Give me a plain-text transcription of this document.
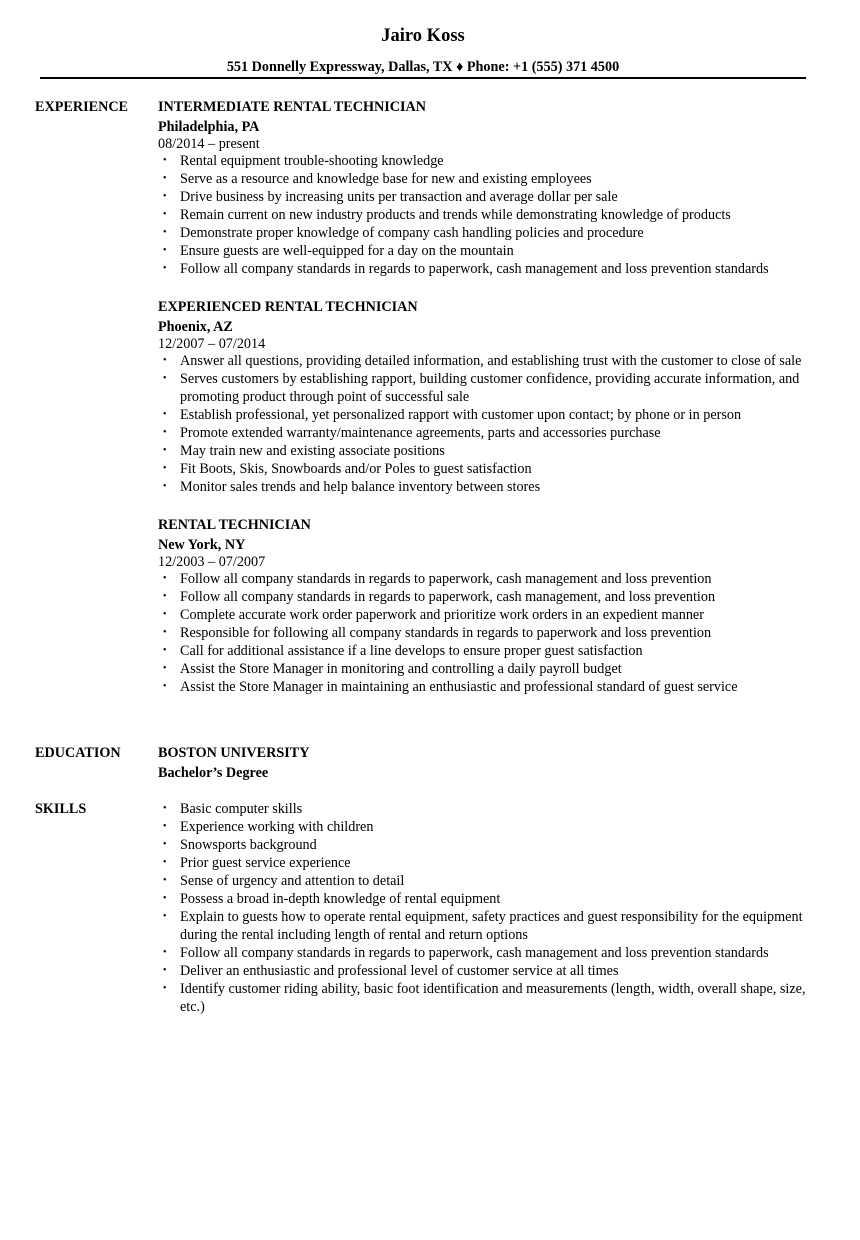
Jairo Koss
551 Donnelly Expressway, Dallas, TX ♦ Phone: +1 (555) 371 4500
EXPERIENCE	INTERMEDIATE RENTAL TECHNICIAN
Philadelphia, PA
08/2014 – present
• Rental equipment trouble-shooting knowledge
• Serve as a resource and knowledge base for new and existing employees
• Drive business by increasing units per transaction and average dollar per sale
• Remain current on new industry products and trends while demonstrating knowledge of products
• Demonstrate proper knowledge of company cash handling policies and procedure
• Ensure guests are well-equipped for a day on the mountain
• Follow all company standards in regards to paperwork, cash management and loss prevention standards
EXPERIENCED RENTAL TECHNICIAN
Phoenix, AZ
12/2007 – 07/2014
• Answer all questions, providing detailed information, and establishing trust with the customer to close of sale
• Serves customers by establishing rapport, building customer confidence, providing accurate information, and promoting product through point of successful sale
• Establish professional, yet personalized rapport with customer upon contact; by phone or in person
• Promote extended warranty/maintenance agreements, parts and accessories purchase
• May train new and existing associate positions
• Fit Boots, Skis, Snowboards and/or Poles to guest satisfaction
• Monitor sales trends and help balance inventory between stores
RENTAL TECHNICIAN
New York, NY
12/2003 – 07/2007
• Follow all company standards in regards to paperwork, cash management and loss prevention
• Follow all company standards in regards to paperwork, cash management, and loss prevention
• Complete accurate work order paperwork and prioritize work orders in an expedient manner
• Responsible for following all company standards in regards to paperwork and loss prevention
• Call for additional assistance if a line develops to ensure proper guest satisfaction
• Assist the Store Manager in monitoring and controlling a daily payroll budget
• Assist the Store Manager in maintaining an enthusiastic and professional standard of guest service
EDUCATION	BOSTON UNIVERSITY
Bachelor’s Degree
SKILLS	• Basic computer skills
• Experience working with children
• Snowsports background
• Prior guest service experience
• Sense of urgency and attention to detail
• Possess a broad in-depth knowledge of rental equipment
• Explain to guests how to operate rental equipment, safety practices and guest responsibility for the equipment during the rental including length of rental and return options
• Follow all company standards in regards to paperwork, cash management and loss prevention standards
• Deliver an enthusiastic and professional level of customer service at all times
• Identify customer riding ability, basic foot identification and measurements (length, width, overall shape, size, etc.)
